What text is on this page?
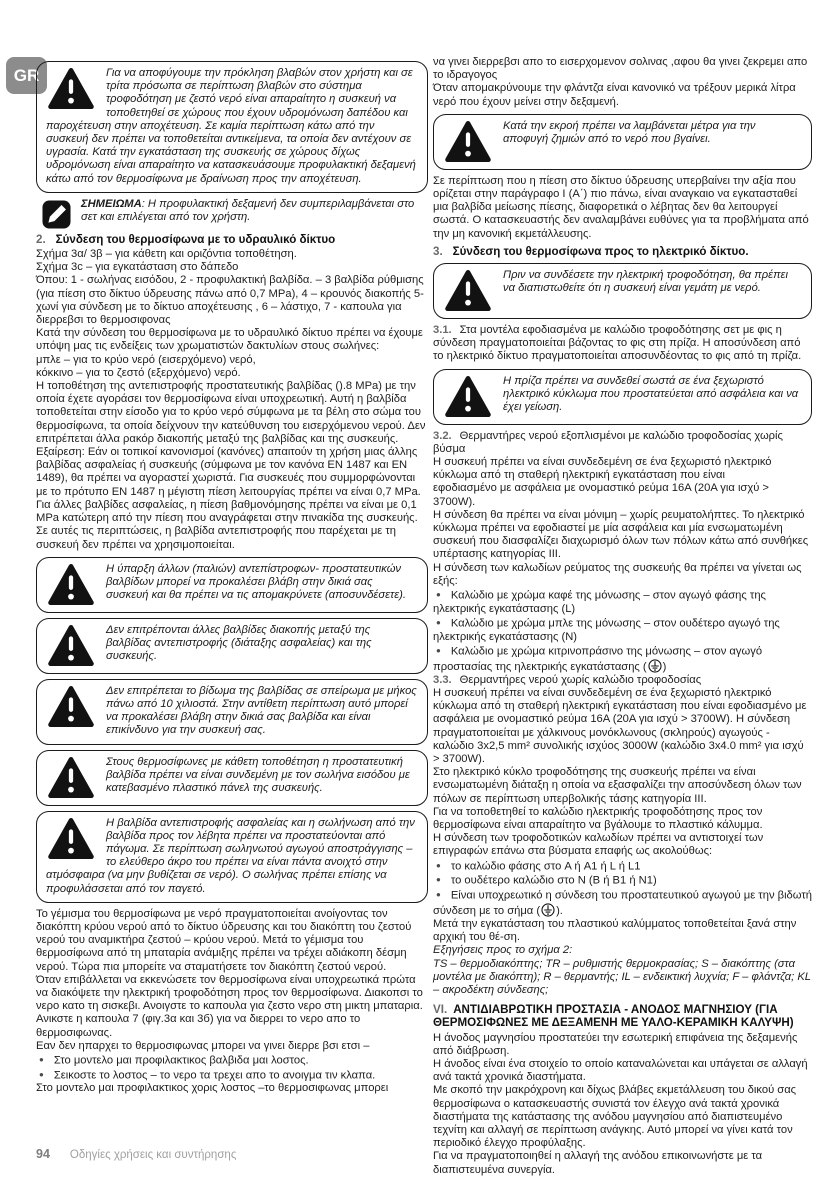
GR	Για να αποφύγουμε την πρόκληση βλαβών στον χρήστη και σε τρίτα πρόσωπα σε περίπτωση βλαβών στο σύστημα τροφοδότηση με ζεστό νερό είναι απαραίτητο η συσκευή να τοποθετηθεί σε χώρους που έχουν υδρομόνωση δαπέδου και παροχέτευση στην αποχέτευση. Σε καμία περίπτωση κάτω από την συσκευή δεν πρέπει να τοποθετείται αντικείμενα, τα οποία δεν αντέχουν σε υγρασία. Κατά την εγκατάσταση της συσκευής σε χώρους δίχως υδρομόνωση είναι απαραίτητο να κατασκευάσουμε προφυλακτική δεξαμενή κάτω από τον θερμοσίφωνα με δραίνωση προς την αποχέτευση.
ΣΗΜΕΙΩΜΑ: Η προφυλακτική δεξαμενή δεν συμπεριλαμβάνεται στο σετ και επιλέγεται από τον χρήστη.
2. Σύνδεση του θερμοσίφωνα με το υδραυλικό δίκτυο

Σχήμα 3α/ 3β – για κάθετη και οριζόντια τοποθέτηση.

Σχήμα 3c – για εγκατάσταση στο δάπεδο

Όπου: 1 - σωλήνας εισόδου, 2 - προφυλακτική βαλβίδα. – 3 βαλβίδα ρύθμισης (για πίεση στο δίκτυο ύδρευσης πάνω από 0,7 MPa), 4 – κρουνός διακοπής 5- χωνί για σύνδεση με το δίκτυο αποχέτευσης , 6 – λάστιχο, 7 - καπουλα για διερρεβσι το θερμοσιφονας

Κατά την σύνδεση του θερμοσίφωνα με το υδραυλικό δίκτυο πρέπει να έχουμε υπόψη μας τις ενδείξεις των χρωματιστών δακτυλίων στους σωλήνες:

μπλε – για το κρύο νερό (εισερχόμενο) νερό,

κόκκινο – για το ζεστό (εξερχόμενο) νερό.

Η τοποθέτηση της αντεπιστροφής προστατευτικής βαλβίδας ().8 MPa) με την οποία έχετε αγοράσει τον θερμοσίφωνα είναι υποχρεωτική. Αυτή η βαλβίδα τοποθετείται στην είσοδο για το κρύο νερό σύμφωνα με τα βέλη στο σώμα του θερμοσίφωνα, τα οποία δείχνουν την κατεύθυνση του εισερχόμενου νερού. Δεν επιτρέπεται άλλα ρακόρ διακοπής μεταξύ της βαλβίδας και της συσκευής.

Εξαίρεση: Εάν οι τοπικοί κανονισμοί (κανόνες) απαιτούν τη χρήση μιας άλλης βαλβίδας ασφαλείας ή συσκευής (σύμφωνα με τον κανόνα EN 1487 και EN 1489), θα πρέπει να αγοραστεί χωριστά. Για συσκευές που συμμορφώνονται με το πρότυπο EN 1487 η μέγιστη πίεση λειτουργίας πρέπει να είναι 0,7 MPa. Για άλλες βαλβίδες ασφαλείας, η πίεση βαθμονόμησης πρέπει να είναι με 0,1 MPa κατώτερη από την πίεση που αναγράφεται στην πινακίδα της συσκευής. Σε αυτές τις περιπτώσεις, η βαλβίδα αντεπιστροφής που παρέχεται με τη συσκευή δεν πρέπει να χρησιμοποιείται.

Η ύπαρξη άλλων (παλιών) αντεπίστροφων- προστατευτικών βαλβίδων μπορεί να προκαλέσει βλάβη στην δικιά σας συσκευή και θα πρέπει να τις απομακρύνετε (αποσυνδέσετε).
Δεν επιτρέπονται άλλες βαλβίδες διακοπής μεταξύ της βαλβίδας αντεπιστροφής (διάταξης ασφαλείας) και της συσκευής.
Δεν επιτρέπεται το βίδωμα της βαλβίδας σε σπείρωμα με μήκος πάνω από 10 χιλιοστά. Στην αντίθετη περίπτωση αυτό μπορεί να προκαλέσει βλάβη στην δικιά σας βαλβίδα και είναι επικίνδυνο για την συσκευή σας.
Στους θερμοσίφωνες με κάθετη τοποθέτηση η προστατευτική βαλβίδα πρέπει να είναι συνδεμένη με τον σωλήνα εισόδου με κατεβασμένο πλαστικό πάνελ της συσκευής.
Η βαλβίδα αντεπιστροφής ασφαλείας και η σωλήνωση από την βαλβίδα προς τον λέβητα πρέπει να προστατεύονται από πάγωμα. Σε περίπτωση σωληνωτού αγωγού αποστράγγισης – το ελεύθερο άκρο του πρέπει να είναι πάντα ανοιχτό στην ατμόσφαιρα (να μην βυθίζεται σε νερό). Ο σωλήνας πρέπει επίσης να προφυλάσσεται από τον παγετό.

Το γέμισμα του θερμοσίφωνα με νερό πραγματοποιείται ανοίγοντας τον διακόπτη κρύου νερού από το δίκτυο ύδρευσης και του διακόπτη του ζεστού νερού του αναμικτήρα ζεστού – κρύου νερού. Μετά το γέμισμα του θερμοσίφωνα από τη μπαταρία ανάμιξης πρέπει να τρέχει αδιάκοπη δέσμη νερού. Τώρα πια μπορείτε να σταματήσετε τον διακόπτη ζεστού νερού.

Όταν επιβάλλεται να εκκενώσετε τον θερμοσίφωνα είναι υποχρεωτικά πρώτα να διακόψετε την ηλεκτρική τροφοδότηση προς τον θερμοσίφωνα. Διακοπσι το νερο κατο τη σισκεβι. Ανοιγστε το καπουλα για ζεστο νερο στη μικτη μπαταρια. Ανικστε η καπουλα 7 (φιγ.3α και 3б) για να διερρει το νερο απο το θερμοσιφωνας.

Εαν δεν ηπαρχει το θερμοσιφωνας μπορει να γινει διερρε βσι ετσι –

● Στο μοντελο μαι προφιλακτικος βαλβιδα μαι λοστος.

● Σεικοστε το λοστος – το νερο τα τρεχει απο το ανοιγμα τιν κλαπα.

Στο μοντελο μαι προφιλακτικος χορις λοστος –το θερμοσιφωνας μπορει

να γινει διερρεβσι απο το εισερχομενον σολινας ,αφου θα γινει ζεκρεμει απο το ιδραγογος

Όταν απομακρύνουμε την φλάντζα είναι κανονικό να τρέξουν μερικά λίτρα νερό που έχουν μείνει στην δεξαμενή.

Κατά την εκροή πρέπει να λαμβάνεται μέτρα για την αποφυγή ζημιών από το νερό που βγαίνει.

Σε περίπτωση που η πίεση στο δίκτυο ύδρευσης υπερβαίνει την αξία που ορίζεται στην παράγραφο I (A΄) πιο πάνω, είναι αναγκαιο να εγκατασταθεί μια βαλβίδα μείωσης πίεσης, διαφορετικά ο λέβητας δεν θα λειτουργεί σωστά. Ο κατασκευαστής δεν αναλαμβάνει ευθύνες για τα προβλήματα από την μη κανονική εκμετάλλευσης.

3. Σύνδεση του θερμοσίφωνα προς το ηλεκτρικό δίκτυο.
Πριν να συνδέσετε την ηλεκτρική τροφοδότηση, θα πρέπει να διαπιστωθείτε ότι η συσκευή είναι γεμάτη με νερό.

3.1. Στα μοντέλα εφοδιασμένα με καλώδιο τροφοδότησης σετ με φις η σύνδεση πραγματοποιείται βάζοντας το φις στη πρίζα. Η αποσύνδεση από το ηλεκτρικό δίκτυο πραγματοποιείται αποσυνδέοντας το φις από τη πρίζα.

Η πρίζα πρέπει να συνδεθεί σωστά σε ένα ξεχωριστό ηλεκτρικό κύκλωμα που προστατεύεται από ασφάλεια και να έχει γείωση.

3.2. Θερμαντήρες νερού εξοπλισμένοι με καλώδιο τροφοδοσίας χωρίς βύσμα

Η συσκευή πρέπει να είναι συνδεδεμένη σε ένα ξεχωριστό ηλεκτρικό κύκλωμα από τη σταθερή ηλεκτρική εγκατάσταση που είναι

εφοδιασμένο με ασφάλεια με ονομαστικό ρεύμα 16A (20A για ισχύ > 3700W).

Η σύνδεση θα πρέπει να είναι μόνιμη – χωρίς ρευματολήπτες. Το ηλεκτρικό κύκλωμα πρέπει να εφοδιαστεί με μία ασφάλεια και μία ενσωματωμένη συσκευή που διασφαλίζει διαχωρισμό όλων των πόλων κάτω από συνθήκες υπέρτασης κατηγορίας III.

Η σύνδεση των καλωδίων ρεύματος της συσκευής θα πρέπει να γίνεται ως εξής:

● Καλώδιο με χρώμα καφέ της μόνωσης – στον αγωγό φάσης της ηλεκτρικής εγκατάστασης (L)

● Καλώδιο με χρώμα μπλε της μόνωσης – στον ουδέτερο αγωγό της ηλεκτρικής εγκατάστασης (N)

● Καλώδιο με χρώμα κιτρινοπράσινο της μόνωσης – στον αγωγό προστασίας της ηλεκτρικής εγκατάστασης ( )

3.3. Θερμαντήρες νερού χωρίς καλώδιο τροφοδοσίας

Η συσκευή πρέπει να είναι συνδεδεμένη σε ένα ξεχωριστό ηλεκτρικό κύκλωμα από τη σταθερή ηλεκτρική εγκατάσταση που είναι εφοδιασμένο με ασφάλεια με ονομαστικό ρεύμα 16A (20A για ισχύ > 3700W). Η σύνδεση πραγματοποιείται με χάλκινους μονόκλωνους (σκληρούς) αγωγούς - καλώδιο 3x2,5 mm² συνολικής ισχύος 3000W (καλώδιο 3x4.0 mm² για ισχύ > 3700W).

Στο ηλεκτρικό κύκλο τροφοδότησης της συσκευής πρέπει να είναι ενσωματωμένη διάταξη η οποία να εξασφαλίζει την αποσύνδεση όλων των πόλων σε περίπτωση υπερβολικής τάσης κατηγορία III.

Για να τοποθετηθεί το καλώδιο ηλεκτρικής τροφοδότησης προς τον θερμοσίφωνα είναι απαραίτητο να βγάλουμε το πλαστικό κάλυμμα.

Η σύνδεση των τροφοδοτικών καλωδίων πρέπει να αντιστοιχεί των επιγραφών επάνω στα βύσματα επαφής ως ακολούθως:

● το καλώδιο φάσης στο A ή A1 ή L ή L1

● το ουδέτερο καλώδιο στο N (B ή B1 ή N1)

● Είναι υποχρεωτικό η σύνδεση του προστατευτικού αγωγού με την βιδωτή σύνδεση με το σήμα ( ).

Μετά την εγκατάσταση του πλαστικού καλύμματος τοποθετείται ξανά στην αρχική του θέ-ση.

Εξηγήσεις προς το σχήμα 2:

TS – θερμοδιακόπτης; TR – ρυθμιστής θερμοκρασίας; S – διακόπτης (στα μοντέλα με διακόπτη); R – θερμαντής; IL – ενδεικτική λυχνία; F – φλάντζα; KL – ακροδέκτη σύνδεσης;

VI. ΑΝΤΙΔΙΑΒΡΩΤΙΚΗ ΠΡΟΣΤΑΣΙΑ - ΑΝΟΔΟΣ ΜΑΓΝΗΣΙΟΥ (ΓΙΑ ΘΕΡΜΟΣΙΦΩΝΕΣ ΜΕ ΔΕΞΑΜΕΝΗ ΜΕ ΥΑΛΟ-ΚΕΡΑΜΙΚΗ ΚΑΛΥΨΗ)

Η άνοδος μαγνησίου προστατεύει την εσωτερική επιφάνεια της δεξαμενής από διάβρωση.

Η άνοδος είναι ένα στοιχείο το οποίο καταναλώνεται και υπάγεται σε αλλαγή ανά τακτά χρονικά διαστήματα.

Με σκοπό την μακρόχρονη και δίχως βλάβες εκμετάλλευση του δικού σας θερμοσίφωνα ο κατασκευαστής συνιστά τον έλεγχο ανά τακτά χρονικά διαστήματα της κατάστασης της ανόδου μαγνησίου από διαπιστευμένο τεχνίτη και αλλαγή σε περίπτωση ανάγκης. Αυτό μπορεί να γίνει κατά τον περιοδικό έλεγχο προφύλαξης.

Για να πραγματοποιηθεί η αλλαγή της ανόδου επικοινωνήστε με τα διαπιστευμένα συνεργία.

94 Οδηγίες χρήσεις και συντήρησης
